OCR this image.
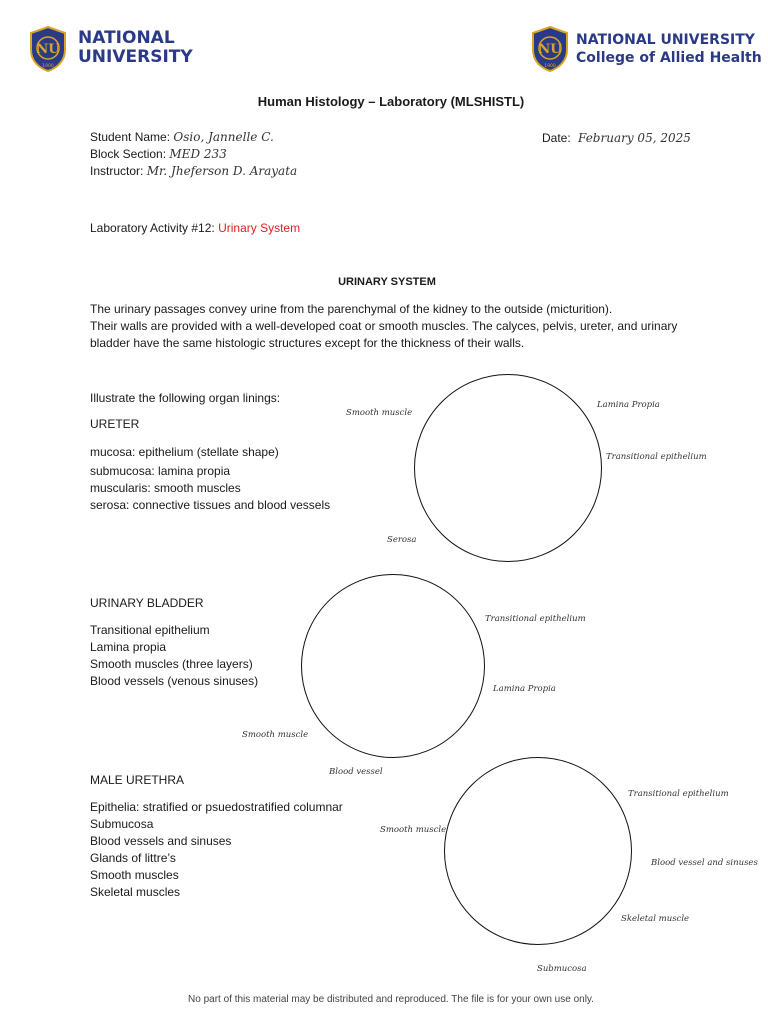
NU
1900
NATIONAL
UNIVERSITY	NU
1900
NATIONAL UNIVERSITY
College of Allied Health
Human Histology – Laboratory (MLSHISTL)
Student Name: Osio, Jannelle C.
Block Section: MED 233
Instructor: Mr. Jheferson D. Arayata
Date: February 05, 2025
Laboratory Activity #12: Urinary System
URINARY SYSTEM
The urinary passages convey urine from the parenchymal of the kidney to the outside (micturition).
Their walls are provided with a well-developed coat or smooth muscles. The calyces, pelvis, ureter, and urinary
bladder have the same histologic structures except for the thickness of their walls.
Illustrate the following organ linings:
URETER
mucosa: epithelium (stellate shape)
submucosa: lamina propia
muscularis: smooth muscles
serosa: connective tissues and blood vessels
Smooth muscle
Lamina Propia
Transitional epithelium
Serosa
URINARY BLADDER
Transitional epithelium
Lamina propia
Smooth muscles (three layers)
Blood vessels (venous sinuses)
Transitional epithelium
Lamina Propia
Smooth muscle
Blood vessel
MALE URETHRA
Epithelia: stratified or psuedostratified columnar
Submucosa
Blood vessels and sinuses
Glands of littre’s
Smooth muscles
Skeletal muscles
Transitional epithelium
Smooth muscle
Blood vessel and sinuses
Skeletal muscle
Submucosa
No part of this material may be distributed and reproduced. The file is for your own use only.
